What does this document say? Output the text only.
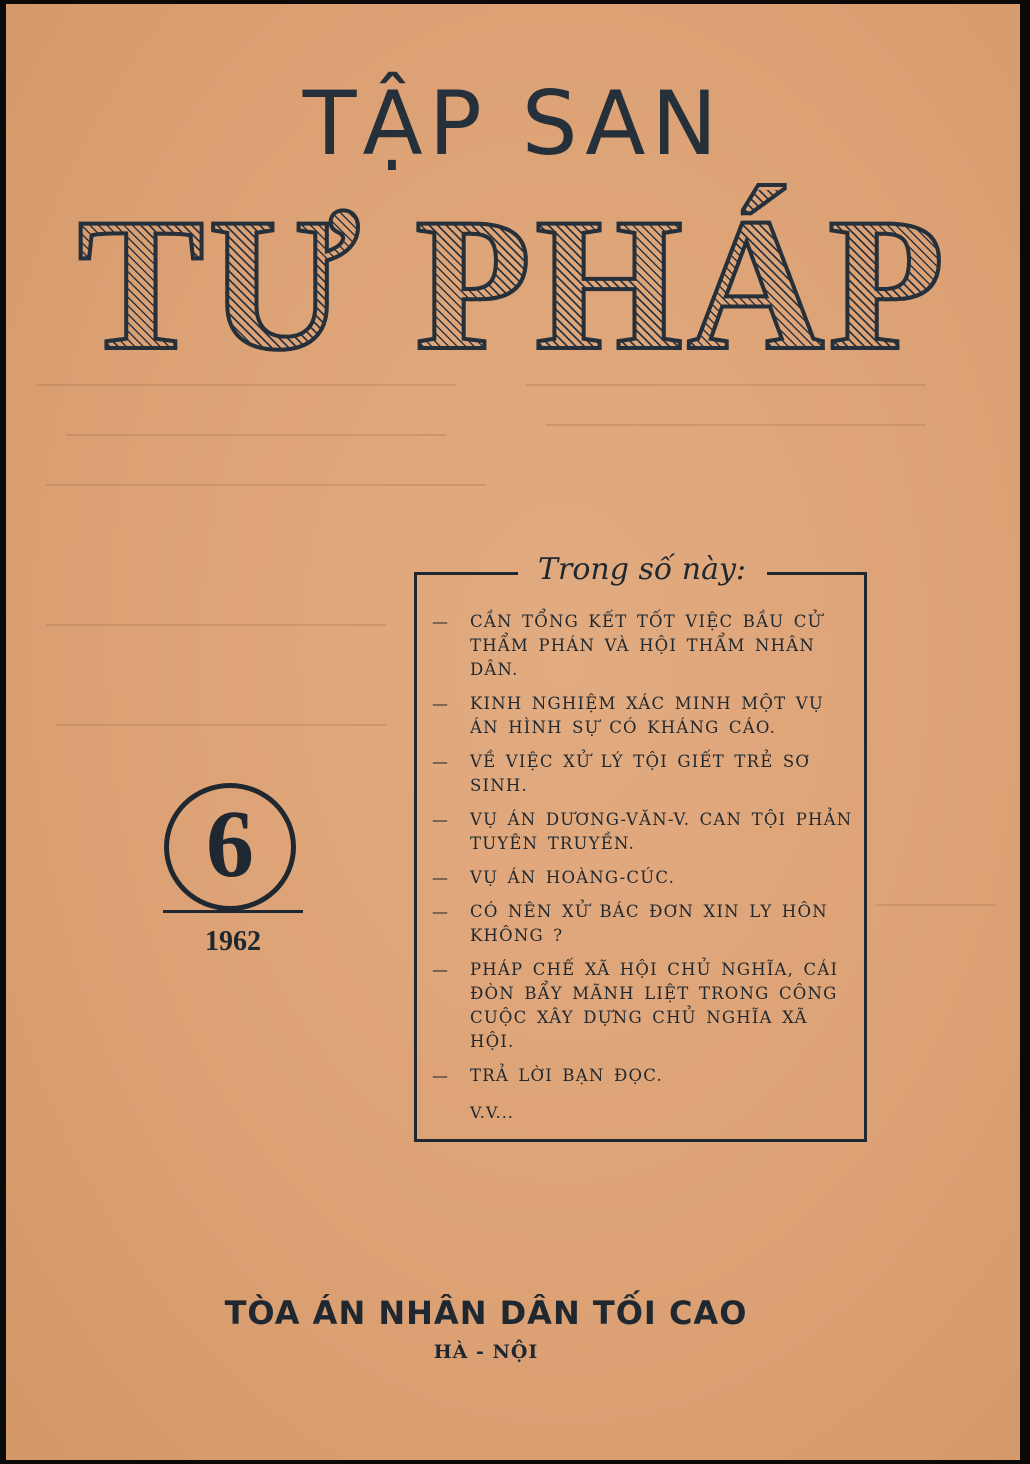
TẬP SAN
TƯ PHÁP
6
1962
Trong số này:
— CẦN TỔNG KẾT TỐT VIỆC BẦU CỬ THẨM PHÁN VÀ HỘI THẨM NHÂN DÂN.
— KINH NGHIỆM XÁC MINH MỘT VỤ ÁN HÌNH SỰ CÓ KHÁNG CÁO.
— VỀ VIỆC XỬ LÝ TỘI GIẾT TRẺ SƠ SINH.
— VỤ ÁN DƯƠNG-VĂN-V. CAN TỘI PHẢN TUYÊN TRUYỀN.
— VỤ ÁN HOÀNG-CÚC.
— CÓ NÊN XỬ BÁC ĐƠN XIN LY HÔN KHÔNG ?
— PHÁP CHẾ XÃ HỘI CHỦ NGHĨA, CÁI ĐÒN BẨY MÃNH LIỆT TRONG CÔNG CUỘC XÂY DỰNG CHỦ NGHĨA XÃ HỘI.
— TRẢ LỜI BẠN ĐỌC.
V.V...
TÒA ÁN NHÂN DÂN TỐI CAO
HÀ - NỘI
